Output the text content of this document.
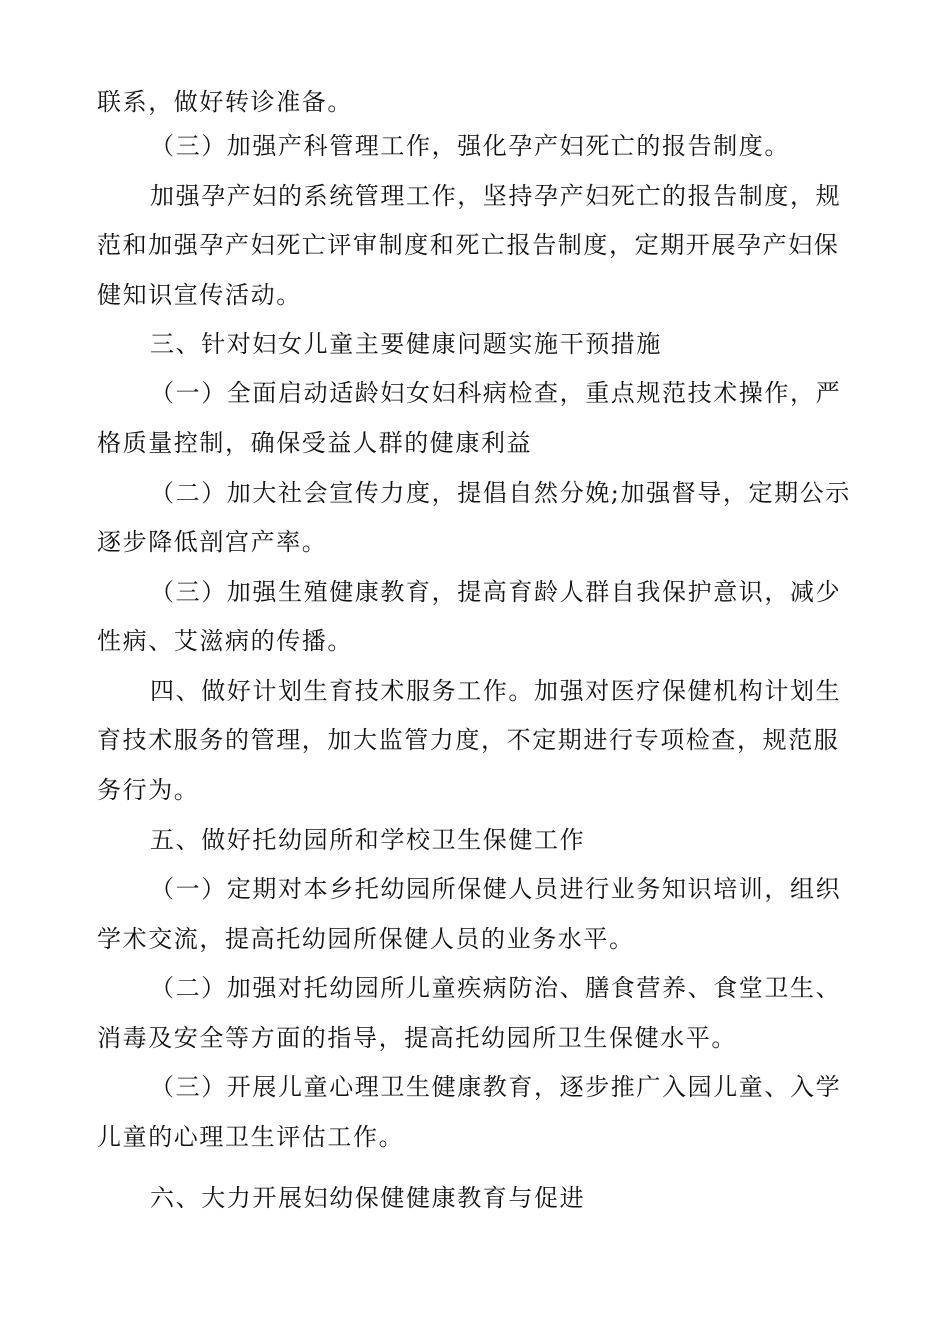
联系，做好转诊准备。
（三）加强产科管理工作，强化孕产妇死亡的报告制度。
加强孕产妇的系统管理工作，坚持孕产妇死亡的报告制度，规
范和加强孕产妇死亡评审制度和死亡报告制度，定期开展孕产妇保
健知识宣传活动。
三、针对妇女儿童主要健康问题实施干预措施
（一）全面启动适龄妇女妇科病检查，重点规范技术操作，严
格质量控制，确保受益人群的健康利益
（二）加大社会宣传力度，提倡自然分娩;加强督导，定期公示
逐步降低剖宫产率。
（三）加强生殖健康教育，提高育龄人群自我保护意识，减少
性病、艾滋病的传播。
四、做好计划生育技术服务工作。加强对医疗保健机构计划生
育技术服务的管理，加大监管力度，不定期进行专项检查，规范服
务行为。
五、做好托幼园所和学校卫生保健工作
（一）定期对本乡托幼园所保健人员进行业务知识培训，组织
学术交流，提高托幼园所保健人员的业务水平。
（二）加强对托幼园所儿童疾病防治、膳食营养、食堂卫生、
消毒及安全等方面的指导，提高托幼园所卫生保健水平。
（三）开展儿童心理卫生健康教育，逐步推广入园儿童、入学
儿童的心理卫生评估工作。
六、大力开展妇幼保健健康教育与促进
